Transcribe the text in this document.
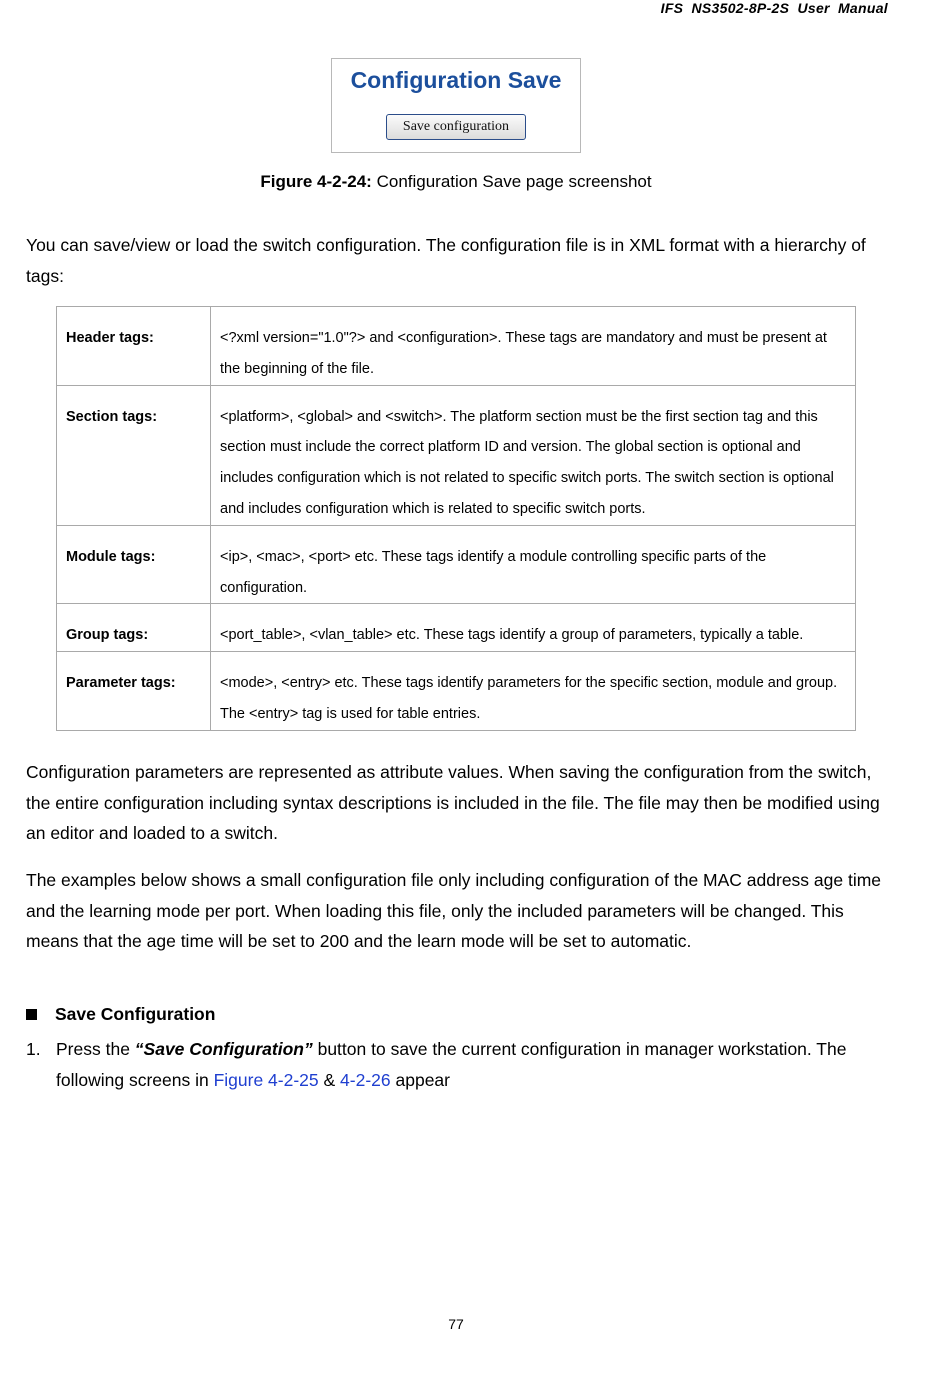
IFS NS3502-8P-2S User Manual
Configuration Save
Save configuration
Figure 4-2-24: Configuration Save page screenshot
You can save/view or load the switch configuration. The configuration file is in XML format with a hierarchy of tags:
Header tags:	<?xml version="1.0"?> and <configuration>. These tags are mandatory and must be present at the beginning of the file.
Section tags:	<platform>, <global> and <switch>. The platform section must be the first section tag and this section must include the correct platform ID and version. The global section is optional and includes configuration which is not related to specific switch ports. The switch section is optional and includes configuration which is related to specific switch ports.
Module tags:	<ip>, <mac>, <port> etc. These tags identify a module controlling specific parts of the configuration.
Group tags:	<port_table>, <vlan_table> etc. These tags identify a group of parameters, typically a table.
Parameter tags:	<mode>, <entry> etc. These tags identify parameters for the specific section, module and group. The <entry> tag is used for table entries.
Configuration parameters are represented as attribute values. When saving the configuration from the switch, the entire configuration including syntax descriptions is included in the file. The file may then be modified using an editor and loaded to a switch.
The examples below shows a small configuration file only including configuration of the MAC address age time and the learning mode per port. When loading this file, only the included parameters will be changed. This means that the age time will be set to 200 and the learn mode will be set to automatic.
Save Configuration
1. Press the “Save Configuration” button to save the current configuration in manager workstation. The following screens in Figure 4-2-25 & 4-2-26 appear
77
